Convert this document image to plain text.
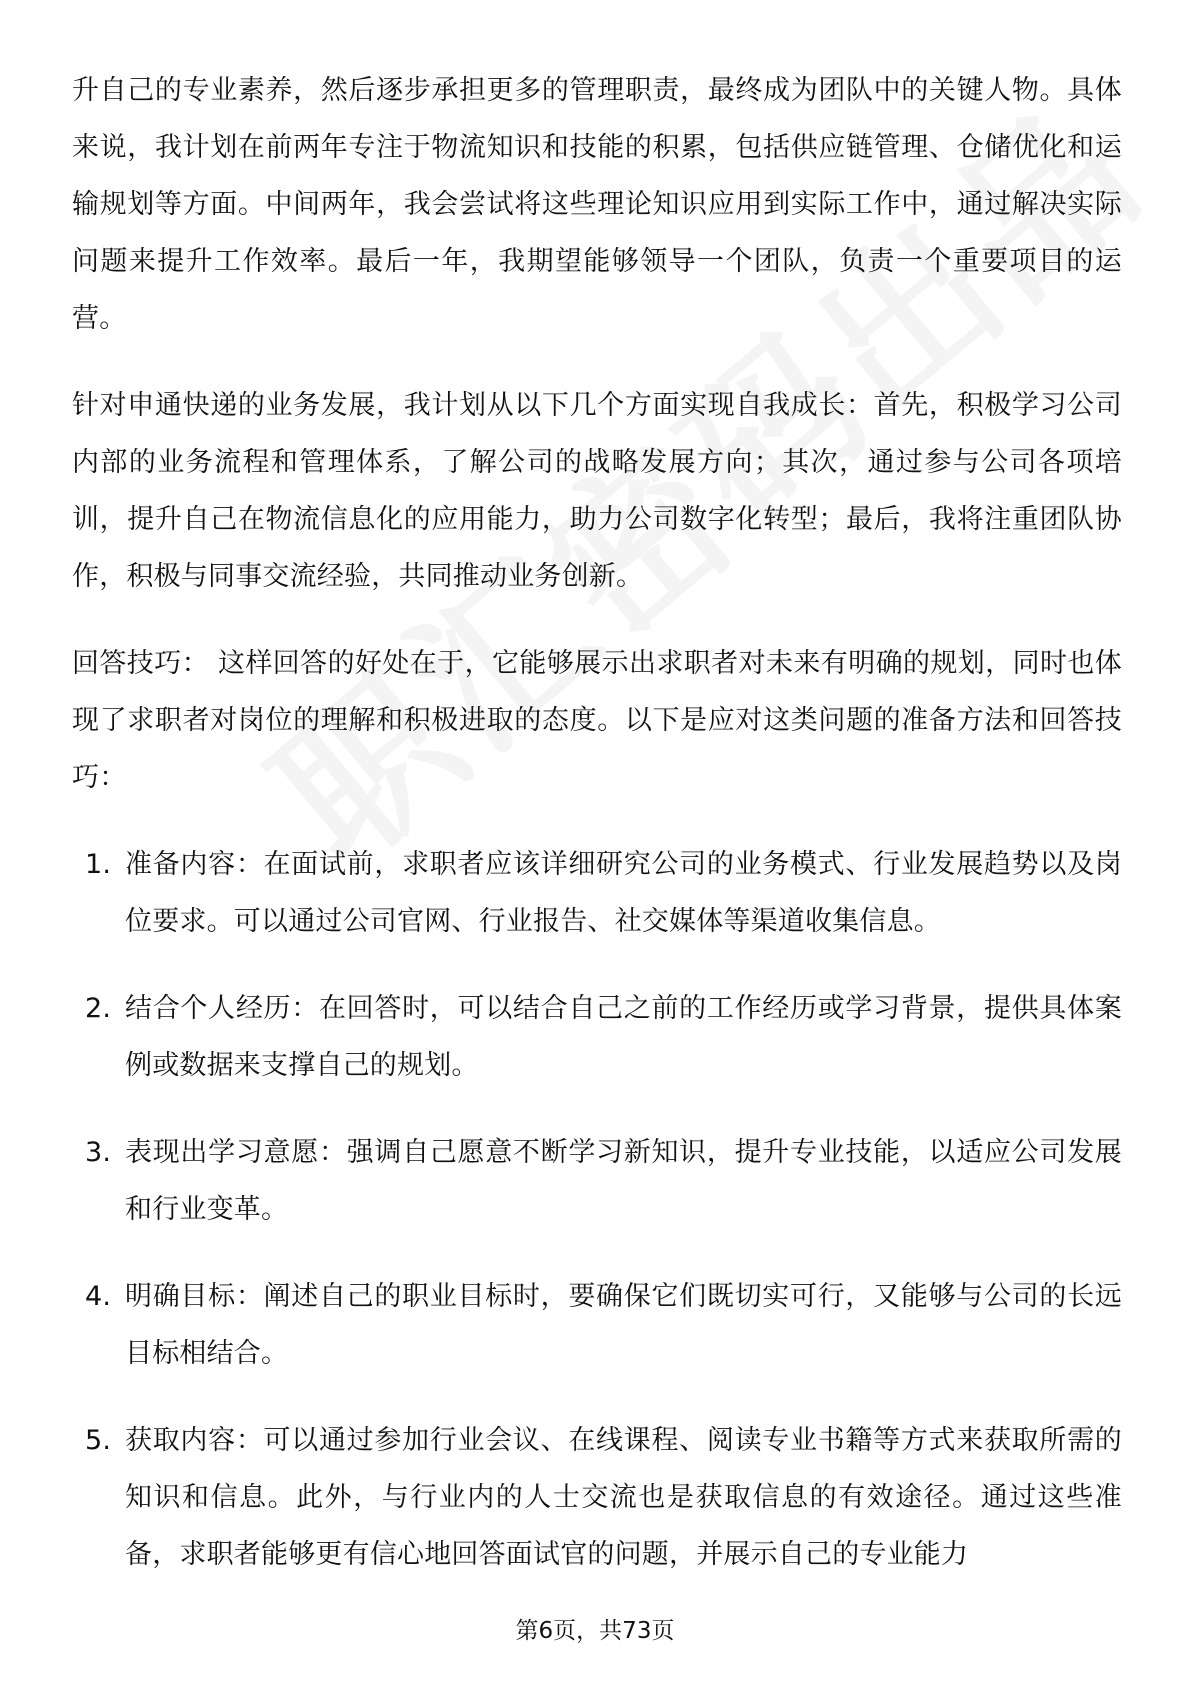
升自己的专业素养，然后逐步承担更多的管理职责，最终成为团队中的关键人物。具体来说，我计划在前两年专注于物流知识和技能的积累，包括供应链管理、仓储优化和运输规划等方面。中间两年，我会尝试将这些理论知识应用到实际工作中，通过解决实际问题来提升工作效率。最后一年，我期望能够领导一个团队，负责一个重要项目的运营。

针对申通快递的业务发展，我计划从以下几个方面实现自我成长：首先，积极学习公司内部的业务流程和管理体系，了解公司的战略发展方向；其次，通过参与公司各项培训，提升自己在物流信息化的应用能力，助力公司数字化转型；最后，我将注重团队协作，积极与同事交流经验，共同推动业务创新。

回答技巧： 这样回答的好处在于，它能够展示出求职者对未来有明确的规划，同时也体现了求职者对岗位的理解和积极进取的态度。以下是应对这类问题的准备方法和回答技巧：

1. 准备内容：在面试前，求职者应该详细研究公司的业务模式、行业发展趋势以及岗位要求。可以通过公司官网、行业报告、社交媒体等渠道收集信息。
2. 结合个人经历：在回答时，可以结合自己之前的工作经历或学习背景，提供具体案例或数据来支撑自己的规划。
3. 表现出学习意愿：强调自己愿意不断学习新知识，提升专业技能，以适应公司发展和行业变革。
4. 明确目标：阐述自己的职业目标时，要确保它们既切实可行，又能够与公司的长远目标相结合。
5. 获取内容：可以通过参加行业会议、在线课程、阅读专业书籍等方式来获取所需的知识和信息。此外，与行业内的人士交流也是获取信息的有效途径。通过这些准备，求职者能够更有信心地回答面试官的问题，并展示自己的专业能力
第6页，共73页
